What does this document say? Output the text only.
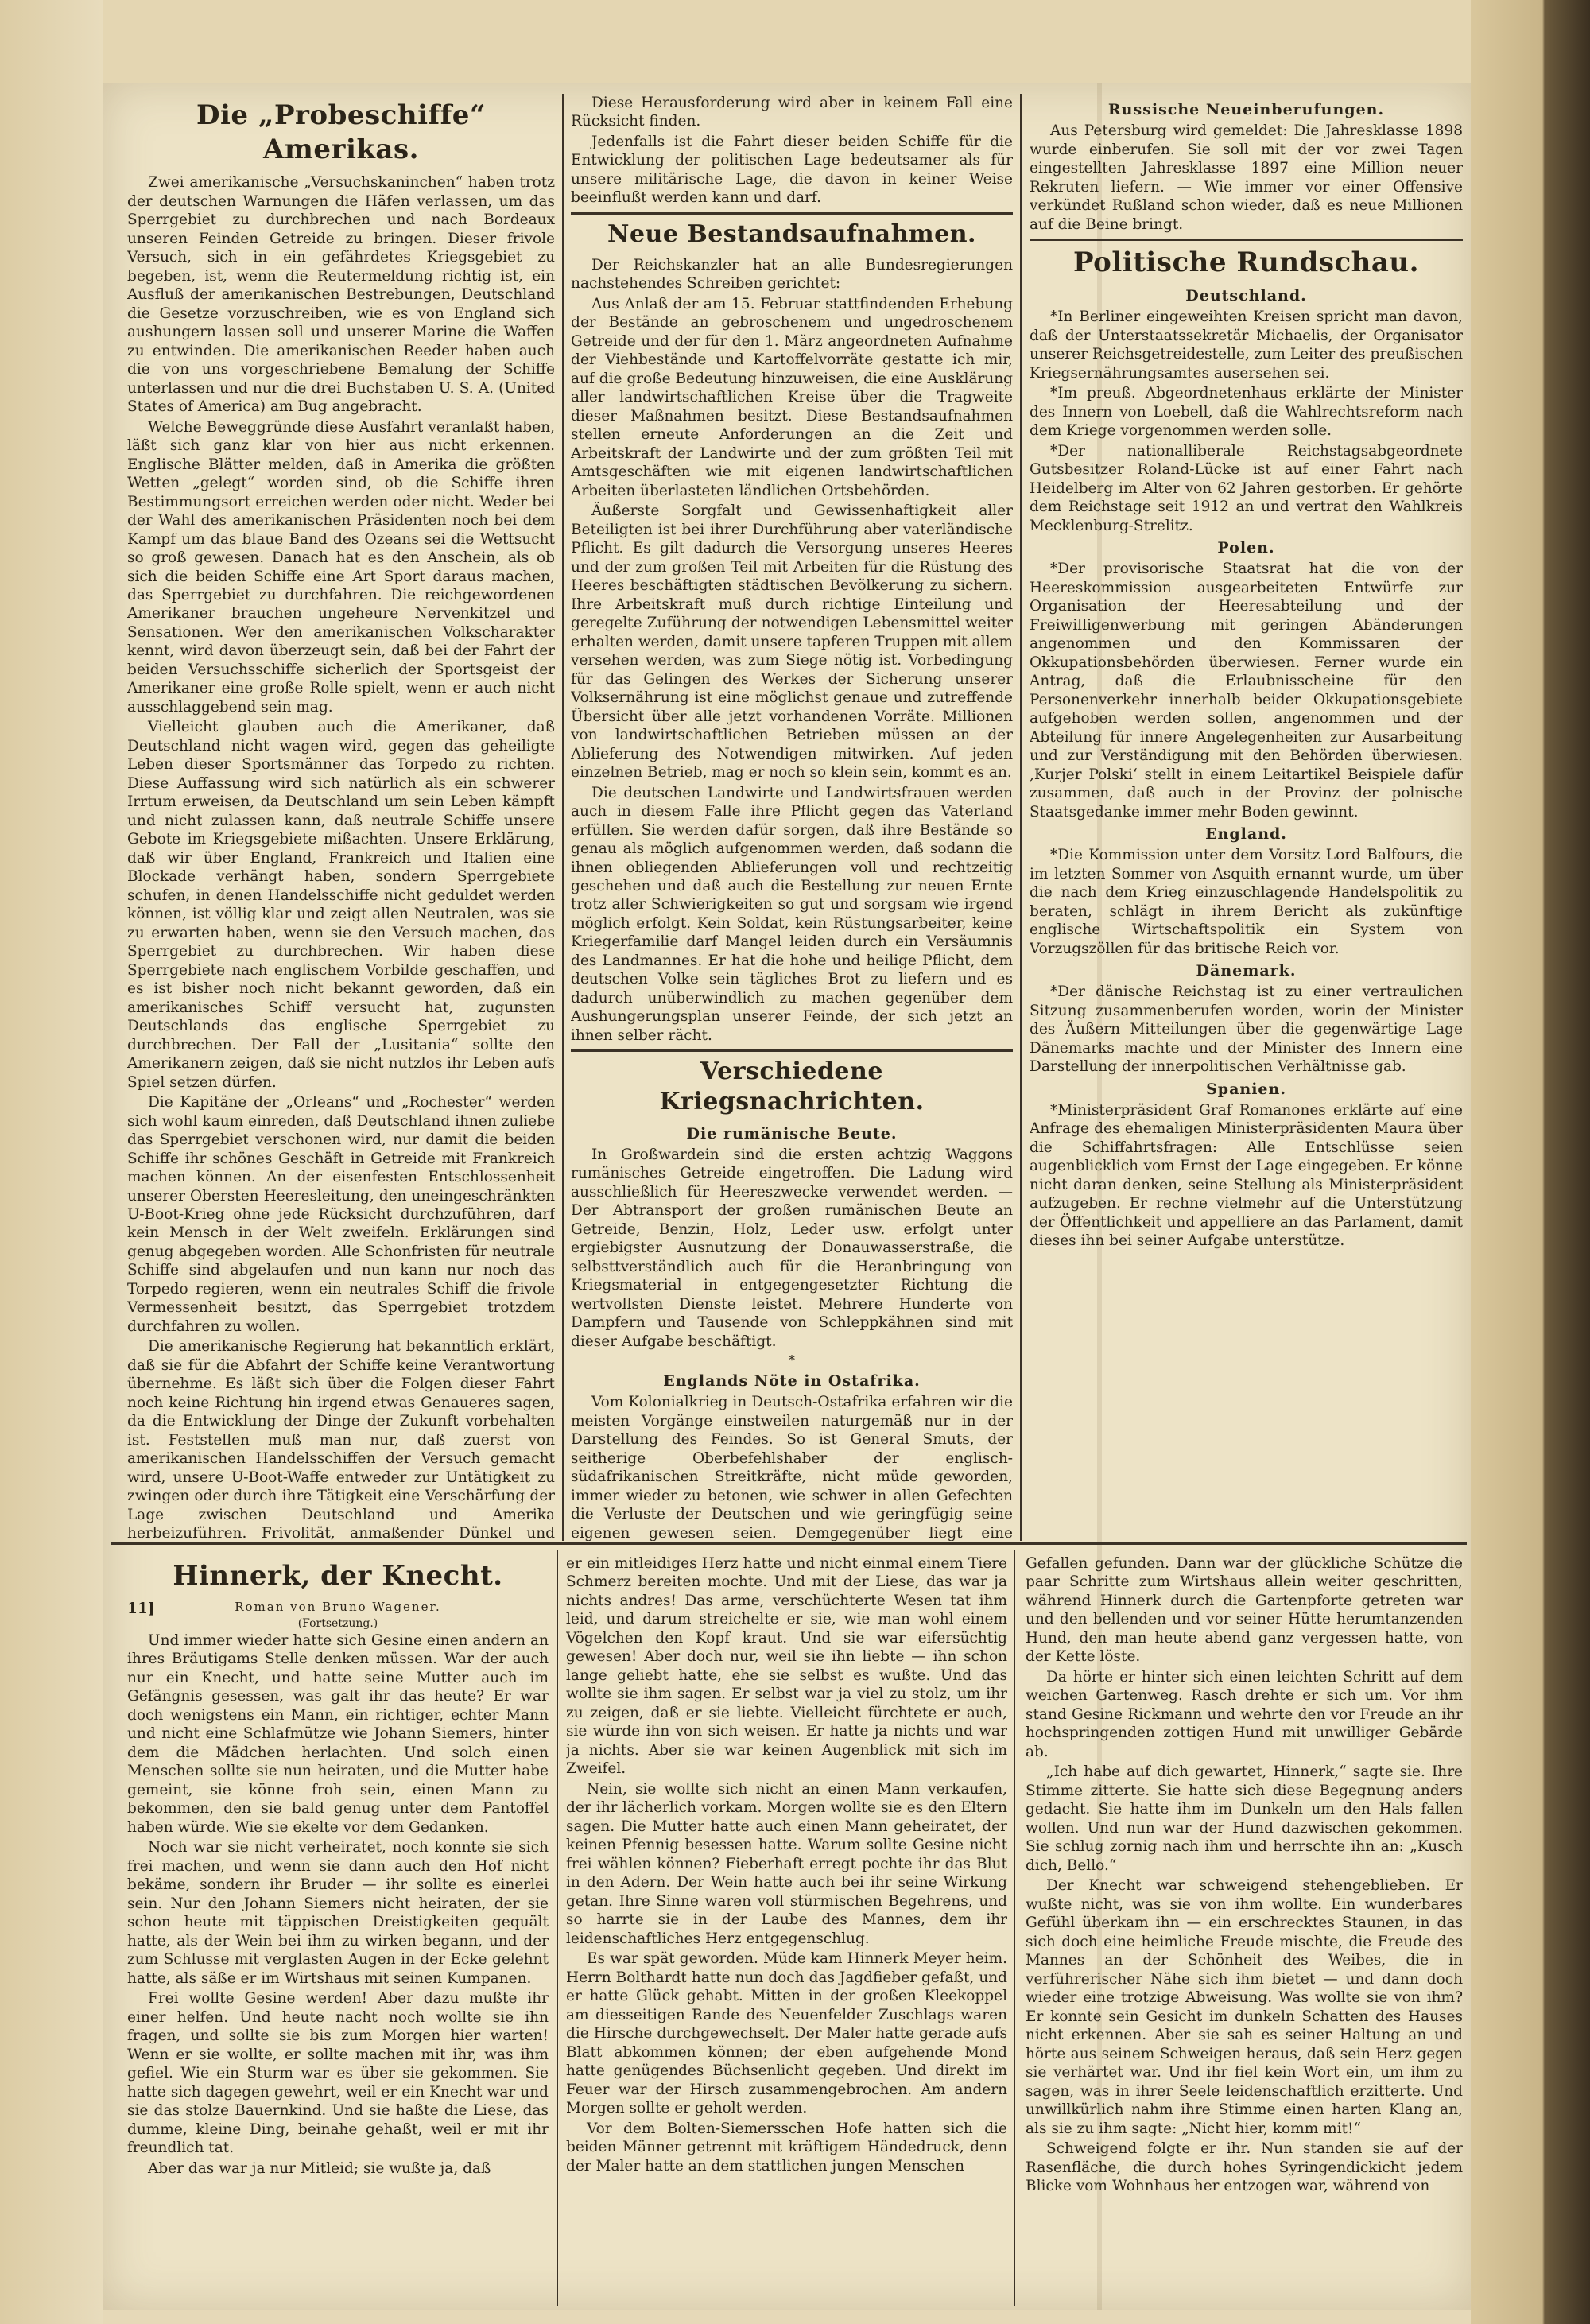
Die „Probeschiffe“ Amerikas.

Zwei amerikanische „Versuchskaninchen“ haben trotz der deutschen Warnungen die Häfen verlassen, um das Sperrgebiet zu durchbrechen und nach Bordeaux unseren Feinden Getreide zu bringen. Dieser frivole Versuch, sich in ein gefährdetes Kriegsgebiet zu begeben, ist, wenn die Reutermeldung richtig ist, ein Ausfluß der amerikanischen Bestrebungen, Deutschland die Gesetze vorzuschreiben, wie es von England sich aushungern lassen soll und unserer Marine die Waffen zu entwinden. Die amerikanischen Reeder haben auch die von uns vorgeschriebene Bemalung der Schiffe unterlassen und nur die drei Buchstaben U. S. A. (United States of America) am Bug angebracht.

Welche Beweggründe diese Ausfahrt veranlaßt haben, läßt sich ganz klar von hier aus nicht erkennen. Englische Blätter melden, daß in Amerika die größten Wetten „gelegt“ worden sind, ob die Schiffe ihren Bestimmungsort erreichen werden oder nicht. Weder bei der Wahl des amerikanischen Präsidenten noch bei dem Kampf um das blaue Band des Ozeans sei die Wettsucht so groß gewesen. Danach hat es den Anschein, als ob sich die beiden Schiffe eine Art Sport daraus machen, das Sperrgebiet zu durchfahren. Die reichgewordenen Amerikaner brauchen ungeheure Nervenkitzel und Sensationen. Wer den amerikanischen Volkscharakter kennt, wird davon überzeugt sein, daß bei der Fahrt der beiden Versuchsschiffe sicherlich der Sportsgeist der Amerikaner eine große Rolle spielt, wenn er auch nicht ausschlaggebend sein mag.

Vielleicht glauben auch die Amerikaner, daß Deutschland nicht wagen wird, gegen das geheiligte Leben dieser Sportsmänner das Torpedo zu richten. Diese Auffassung wird sich natürlich als ein schwerer Irrtum erweisen, da Deutschland um sein Leben kämpft und nicht zulassen kann, daß neutrale Schiffe unsere Gebote im Kriegsgebiete mißachten. Unsere Erklärung, daß wir über England, Frankreich und Italien eine Blockade verhängt haben, sondern Sperrgebiete schufen, in denen Handelsschiffe nicht geduldet werden können, ist völlig klar und zeigt allen Neutralen, was sie zu erwarten haben, wenn sie den Versuch machen, das Sperrgebiet zu durchbrechen. Wir haben diese Sperrgebiete nach englischem Vorbilde geschaffen, und es ist bisher noch nicht bekannt geworden, daß ein amerikanisches Schiff versucht hat, zugunsten Deutschlands das englische Sperrgebiet zu durchbrechen. Der Fall der „Lusitania“ sollte den Amerikanern zeigen, daß sie nicht nutzlos ihr Leben aufs Spiel setzen dürfen.

Die Kapitäne der „Orleans“ und „Rochester“ werden sich wohl kaum einreden, daß Deutschland ihnen zuliebe das Sperrgebiet verschonen wird, nur damit die beiden Schiffe ihr schönes Geschäft in Getreide mit Frankreich machen können. An der eisenfesten Entschlossenheit unserer Obersten Heeresleitung, den uneingeschränkten U-Boot-Krieg ohne jede Rücksicht durchzuführen, darf kein Mensch in der Welt zweifeln. Erklärungen sind genug abgegeben worden. Alle Schonfristen für neutrale Schiffe sind abgelaufen und nun kann nur noch das Torpedo regieren, wenn ein neutrales Schiff die frivole Vermessenheit besitzt, das Sperrgebiet trotzdem durchfahren zu wollen.

Die amerikanische Regierung hat bekanntlich erklärt, daß sie für die Abfahrt der Schiffe keine Verantwortung übernehme. Es läßt sich über die Folgen dieser Fahrt noch keine Richtung hin irgend etwas Genaueres sagen, da die Entwicklung der Dinge der Zukunft vorbehalten ist. Feststellen muß man nur, daß zuerst von amerikanischen Handelsschiffen der Versuch gemacht wird, unsere U-Boot-Waffe entweder zur Untätigkeit zu zwingen oder durch ihre Tätigkeit eine Verschärfung der Lage zwischen Deutschland und Amerika herbeizuführen. Frivolität, anmaßender Dünkel und

Diese Herausforderung wird aber in keinem Fall eine Rücksicht finden.

Jedenfalls ist die Fahrt dieser beiden Schiffe für die Entwicklung der politischen Lage bedeutsamer als für unsere militärische Lage, die davon in keiner Weise beeinflußt werden kann und darf.

Neue Bestandsaufnahmen.

Der Reichskanzler hat an alle Bundesregierungen nachstehendes Schreiben gerichtet:

Aus Anlaß der am 15. Februar stattfindenden Erhebung der Bestände an gebroschenem und ungedroschenem Getreide und der für den 1. März angeordneten Aufnahme der Viehbestände und Kartoffelvorräte gestatte ich mir, auf die große Bedeutung hinzuweisen, die eine Ausklärung aller landwirtschaftlichen Kreise über die Tragweite dieser Maßnahmen besitzt. Diese Bestandsaufnahmen stellen erneute Anforderungen an die Zeit und Arbeitskraft der Landwirte und der zum größten Teil mit Amtsgeschäften wie mit eigenen landwirtschaftlichen Arbeiten überlasteten ländlichen Ortsbehörden.

Äußerste Sorgfalt und Gewissenhaftigkeit aller Beteiligten ist bei ihrer Durchführung aber vaterländische Pflicht. Es gilt dadurch die Versorgung unseres Heeres und der zum großen Teil mit Arbeiten für die Rüstung des Heeres beschäftigten städtischen Bevölkerung zu sichern. Ihre Arbeitskraft muß durch richtige Einteilung und geregelte Zuführung der notwendigen Lebensmittel weiter erhalten werden, damit unsere tapferen Truppen mit allem versehen werden, was zum Siege nötig ist. Vorbedingung für das Gelingen des Werkes der Sicherung unserer Volksernährung ist eine möglichst genaue und zutreffende Übersicht über alle jetzt vorhandenen Vorräte. Millionen von landwirtschaftlichen Betrieben müssen an der Ablieferung des Notwendigen mitwirken. Auf jeden einzelnen Betrieb, mag er noch so klein sein, kommt es an.

Die deutschen Landwirte und Landwirtsfrauen werden auch in diesem Falle ihre Pflicht gegen das Vaterland erfüllen. Sie werden dafür sorgen, daß ihre Bestände so genau als möglich aufgenommen werden, daß sodann die ihnen obliegenden Ablieferungen voll und rechtzeitig geschehen und daß auch die Bestellung zur neuen Ernte trotz aller Schwierigkeiten so gut und sorgsam wie irgend möglich erfolgt. Kein Soldat, kein Rüstungsarbeiter, keine Kriegerfamilie darf Mangel leiden durch ein Versäumnis des Landmannes. Er hat die hohe und heilige Pflicht, dem deutschen Volke sein tägliches Brot zu liefern und es dadurch unüberwindlich zu machen gegenüber dem Aushungerungsplan unserer Feinde, der sich jetzt an ihnen selber rächt.

Verschiedene Kriegsnachrichten.
Die rumänische Beute.

In Großwardein sind die ersten achtzig Waggons rumänisches Getreide eingetroffen. Die Ladung wird ausschließlich für Heereszwecke verwendet werden. — Der Abtransport der großen rumänischen Beute an Getreide, Benzin, Holz, Leder usw. erfolgt unter ergiebigster Ausnutzung der Donauwasserstraße, die selbsttverständlich auch für die Heranbringung von Kriegsmaterial in entgegengesetzter Richtung die wertvollsten Dienste leistet. Mehrere Hunderte von Dampfern und Tausende von Schleppkähnen sind mit dieser Aufgabe beschäftigt.

*
Englands Nöte in Ostafrika.

Vom Kolonialkrieg in Deutsch-Ostafrika erfahren wir die meisten Vorgänge einstweilen naturgemäß nur in der Darstellung des Feindes. So ist General Smuts, der seitherige Oberbefehlshaber der englisch-südafrikanischen Streitkräfte, nicht müde geworden, immer wieder zu betonen, wie schwer in allen Gefechten die Verluste der Deutschen und wie geringfügig seine eigenen gewesen seien. Demgegenüber liegt eine

Russische Neueinberufungen.

Aus Petersburg wird gemeldet: Die Jahresklasse 1898 wurde einberufen. Sie soll mit der vor zwei Tagen eingestellten Jahresklasse 1897 eine Million neuer Rekruten liefern. — Wie immer vor einer Offensive verkündet Rußland schon wieder, daß es neue Millionen auf die Beine bringt.

Politische Rundschau.
Deutschland.

*In Berliner eingeweihten Kreisen spricht man davon, daß der Unterstaatssekretär Michaelis, der Organisator unserer Reichsgetreidestelle, zum Leiter des preußischen Kriegsernährungsamtes ausersehen sei.

*Im preuß. Abgeordnetenhaus erklärte der Minister des Innern von Loebell, daß die Wahlrechtsreform nach dem Kriege vorgenommen werden solle.

*Der nationalliberale Reichstagsabgeordnete Gutsbesitzer Roland-Lücke ist auf einer Fahrt nach Heidelberg im Alter von 62 Jahren gestorben. Er gehörte dem Reichstage seit 1912 an und vertrat den Wahlkreis Mecklenburg-Strelitz.

Polen.

*Der provisorische Staatsrat hat die von der Heereskommission ausgearbeiteten Entwürfe zur Organisation der Heeresabteilung und der Freiwilligenwerbung mit geringen Abänderungen angenommen und den Kommissaren der Okkupationsbehörden überwiesen. Ferner wurde ein Antrag, daß die Erlaubnisscheine für den Personenverkehr innerhalb beider Okkupationsgebiete aufgehoben werden sollen, angenommen und der Abteilung für innere Angelegenheiten zur Ausarbeitung und zur Verständigung mit den Behörden überwiesen. ‚Kurjer Polski‘ stellt in einem Leitartikel Beispiele dafür zusammen, daß auch in der Provinz der polnische Staatsgedanke immer mehr Boden gewinnt.

England.

*Die Kommission unter dem Vorsitz Lord Balfours, die im letzten Sommer von Asquith ernannt wurde, um über die nach dem Krieg einzuschlagende Handelspolitik zu beraten, schlägt in ihrem Bericht als zukünftige englische Wirtschaftspolitik ein System von Vorzugszöllen für das britische Reich vor.

Dänemark.

*Der dänische Reichstag ist zu einer vertraulichen Sitzung zusammenberufen worden, worin der Minister des Äußern Mitteilungen über die gegenwärtige Lage Dänemarks machte und der Minister des Innern eine Darstellung der innerpolitischen Verhältnisse gab.

Spanien.

*Ministerpräsident Graf Romanones erklärte auf eine Anfrage des ehemaligen Ministerpräsidenten Maura über die Schiffahrtsfragen: Alle Entschlüsse seien augenblicklich vom Ernst der Lage eingegeben. Er könne nicht daran denken, seine Stellung als Ministerpräsident aufzugeben. Er rechne vielmehr auf die Unterstützung der Öffentlichkeit und appelliere an das Parlament, damit dieses ihn bei seiner Aufgabe unterstütze.

Hinnerk, der Knecht.
11]	Roman von Bruno Wagener.
(Fortsetzung.)

Und immer wieder hatte sich Gesine einen andern an ihres Bräutigams Stelle denken müssen. War der auch nur ein Knecht, und hatte seine Mutter auch im Gefängnis gesessen, was galt ihr das heute? Er war doch wenigstens ein Mann, ein richtiger, echter Mann und nicht eine Schlafmütze wie Johann Siemers, hinter dem die Mädchen herlachten. Und solch einen Menschen sollte sie nun heiraten, und die Mutter habe gemeint, sie könne froh sein, einen Mann zu bekommen, den sie bald genug unter dem Pantoffel haben würde. Wie sie ekelte vor dem Gedanken.

Noch war sie nicht verheiratet, noch konnte sie sich frei machen, und wenn sie dann auch den Hof nicht bekäme, sondern ihr Bruder — ihr sollte es einerlei sein. Nur den Johann Siemers nicht heiraten, der sie schon heute mit täppischen Dreistigkeiten gequält hatte, als der Wein bei ihm zu wirken begann, und der zum Schlusse mit verglasten Augen in der Ecke gelehnt hatte, als säße er im Wirtshaus mit seinen Kumpanen.

Frei wollte Gesine werden! Aber dazu mußte ihr einer helfen. Und heute nacht noch wollte sie ihn fragen, und sollte sie bis zum Morgen hier warten! Wenn er sie wollte, er sollte machen mit ihr, was ihm gefiel. Wie ein Sturm war es über sie gekommen. Sie hatte sich dagegen gewehrt, weil er ein Knecht war und sie das stolze Bauernkind. Und sie haßte die Liese, das dumme, kleine Ding, beinahe gehaßt, weil er mit ihr freundlich tat.

Aber das war ja nur Mitleid; sie wußte ja, daß

er ein mitleidiges Herz hatte und nicht einmal einem Tiere Schmerz bereiten mochte. Und mit der Liese, das war ja nichts andres! Das arme, verschüchterte Wesen tat ihm leid, und darum streichelte er sie, wie man wohl einem Vögelchen den Kopf kraut. Und sie war eifersüchtig gewesen! Aber doch nur, weil sie ihn liebte — ihn schon lange geliebt hatte, ehe sie selbst es wußte. Und das wollte sie ihm sagen. Er selbst war ja viel zu stolz, um ihr zu zeigen, daß er sie liebte. Vielleicht fürchtete er auch, sie würde ihn von sich weisen. Er hatte ja nichts und war ja nichts. Aber sie war keinen Augenblick mit sich im Zweifel.

Nein, sie wollte sich nicht an einen Mann verkaufen, der ihr lächerlich vorkam. Morgen wollte sie es den Eltern sagen. Die Mutter hatte auch einen Mann geheiratet, der keinen Pfennig besessen hatte. Warum sollte Gesine nicht frei wählen können? Fieberhaft erregt pochte ihr das Blut in den Adern. Der Wein hatte auch bei ihr seine Wirkung getan. Ihre Sinne waren voll stürmischen Begehrens, und so harrte sie in der Laube des Mannes, dem ihr leidenschaftliches Herz entgegenschlug.

Es war spät geworden. Müde kam Hinnerk Meyer heim. Herrn Bolthardt hatte nun doch das Jagdfieber gefaßt, und er hatte Glück gehabt. Mitten in der großen Kleekoppel am diesseitigen Rande des Neuenfelder Zuschlags waren die Hirsche durchgewechselt. Der Maler hatte gerade aufs Blatt abkommen können; der eben aufgehende Mond hatte genügendes Büchsenlicht gegeben. Und direkt im Feuer war der Hirsch zusammengebrochen. Am andern Morgen sollte er geholt werden.

Vor dem Bolten-Siemersschen Hofe hatten sich die beiden Männer getrennt mit kräftigem Händedruck, denn der Maler hatte an dem stattlichen jungen Menschen

Gefallen gefunden. Dann war der glückliche Schütze die paar Schritte zum Wirtshaus allein weiter geschritten, während Hinnerk durch die Gartenpforte getreten war und den bellenden und vor seiner Hütte herumtanzenden Hund, den man heute abend ganz vergessen hatte, von der Kette löste.

Da hörte er hinter sich einen leichten Schritt auf dem weichen Gartenweg. Rasch drehte er sich um. Vor ihm stand Gesine Rickmann und wehrte den vor Freude an ihr hochspringenden zottigen Hund mit unwilliger Gebärde ab.

„Ich habe auf dich gewartet, Hinnerk,“ sagte sie. Ihre Stimme zitterte. Sie hatte sich diese Begegnung anders gedacht. Sie hatte ihm im Dunkeln um den Hals fallen wollen. Und nun war der Hund dazwischen gekommen. Sie schlug zornig nach ihm und herrschte ihn an: „Kusch dich, Bello.“

Der Knecht war schweigend stehengeblieben. Er wußte nicht, was sie von ihm wollte. Ein wunderbares Gefühl überkam ihn — ein erschrecktes Staunen, in das sich doch eine heimliche Freude mischte, die Freude des Mannes an der Schönheit des Weibes, die in verführerischer Nähe sich ihm bietet — und dann doch wieder eine trotzige Abweisung. Was wollte sie von ihm? Er konnte sein Gesicht im dunkeln Schatten des Hauses nicht erkennen. Aber sie sah es seiner Haltung an und hörte aus seinem Schweigen heraus, daß sein Herz gegen sie verhärtet war. Und ihr fiel kein Wort ein, um ihm zu sagen, was in ihrer Seele leidenschaftlich erzitterte. Und unwillkürlich nahm ihre Stimme einen harten Klang an, als sie zu ihm sagte: „Nicht hier, komm mit!“

Schweigend folgte er ihr. Nun standen sie auf der Rasenfläche, die durch hohes Syringendickicht jedem Blicke vom Wohnhaus her entzogen war, während von
